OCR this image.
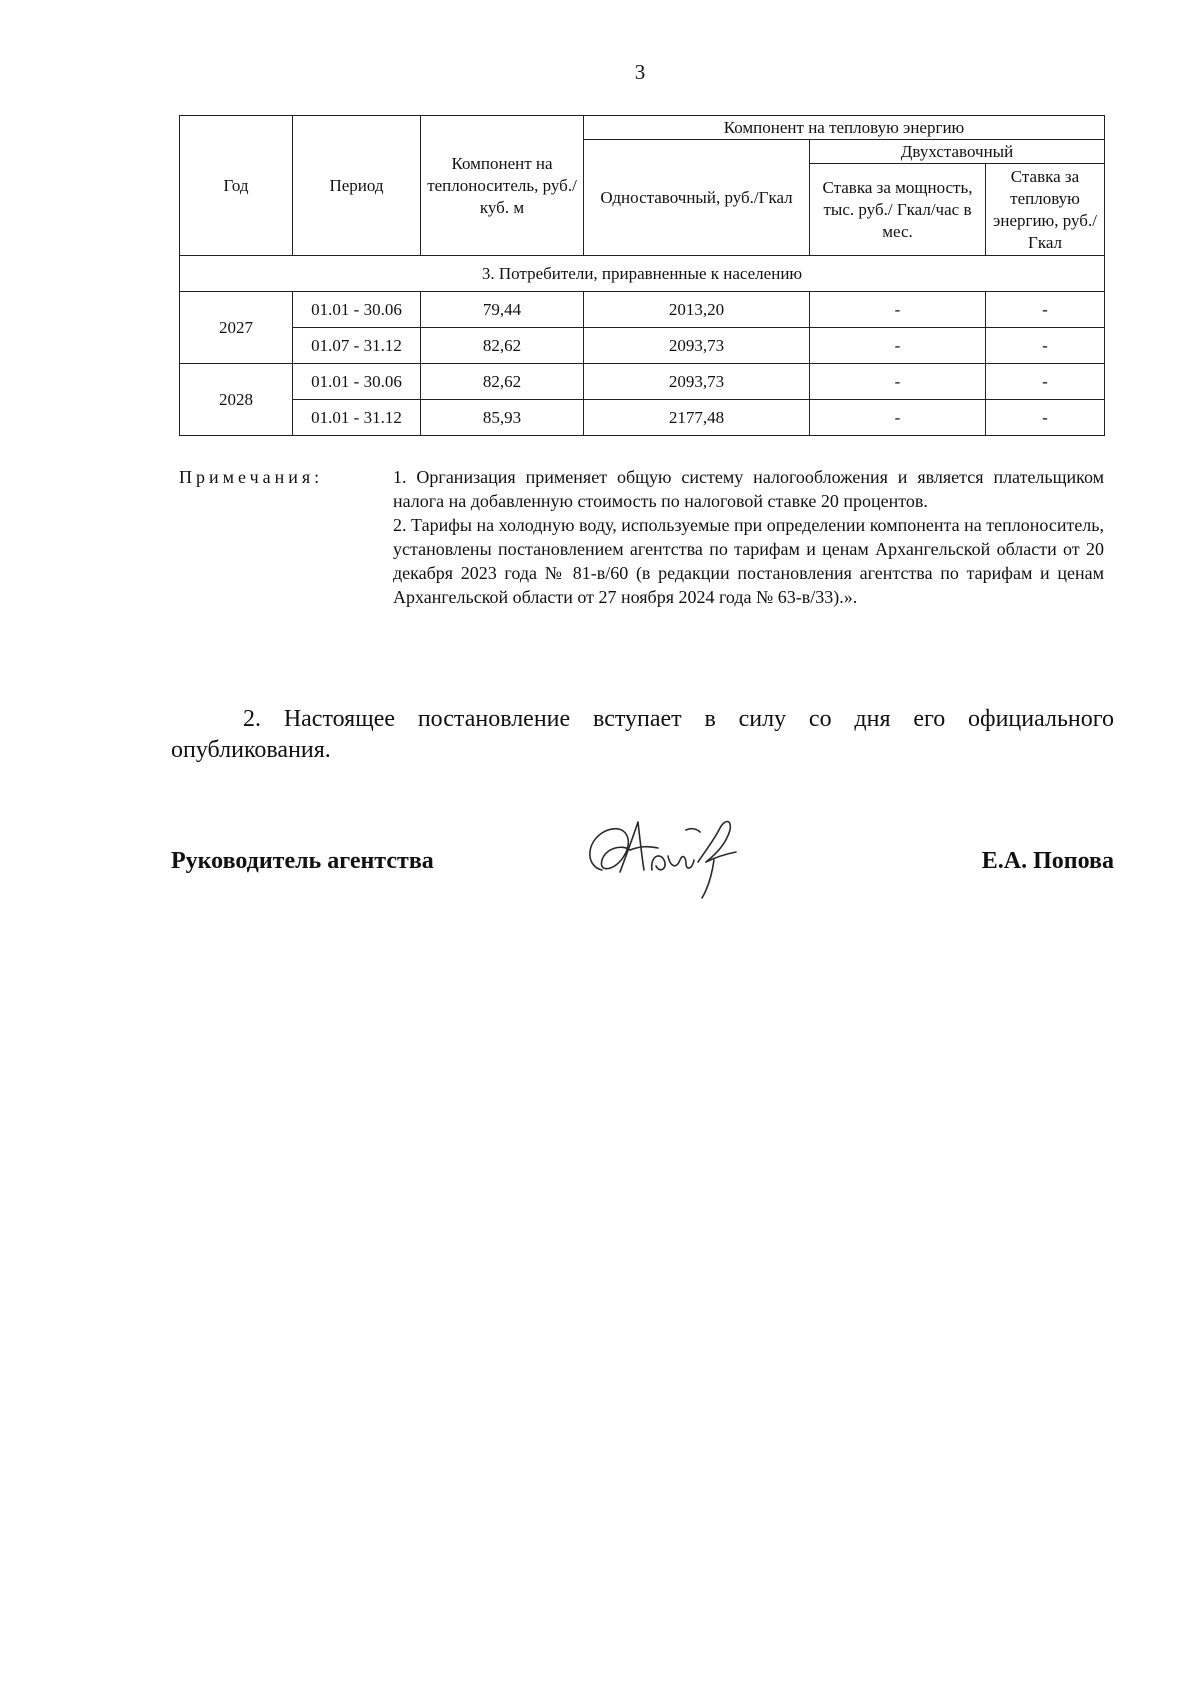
3
Год	Период	Компонент на теплоноситель, руб./куб. м	Компонент на тепловую энергию		
			Одноставочный, руб./Гкал	Двухставочный	
				Ставка за мощность, тыс. руб./ Гкал/час в мес.	Ставка за тепловую энергию, руб./Гкал
3. Потребители, приравненные к населению					
2027	01.01 - 30.06	79,44	2013,20	-	-
	01.07 - 31.12	82,62	2093,73	-	-
2028	01.01 - 30.06	82,62	2093,73	-	-
	01.01 - 31.12	85,93	2177,48	-	-
Примечания:	1. Организация применяет общую систему налогообложения и является плательщиком налога на добавленную стоимость по налоговой ставке 20 процентов.

2. Тарифы на холодную воду, используемые при определении компонента на теплоноситель, установлены постановлением агентства по тарифам и ценам Архангельской области от 20 декабря 2023 года № 81-в/60 (в редакции постановления агентства по тарифам и ценам Архангельской области от 27 ноября 2024 года № 63-в/33).».

2. Настоящее постановление вступает в силу со дня его официального опубликования.

Руководитель агентства	Е.А. Попова
